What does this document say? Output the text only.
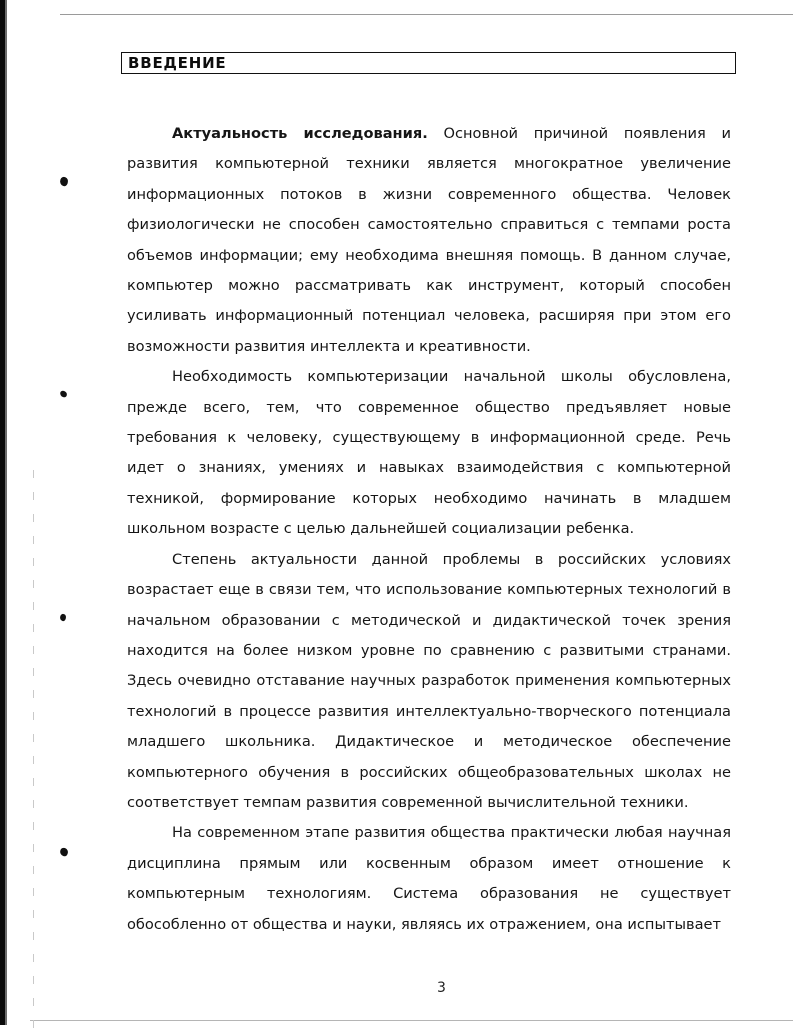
ВВЕДЕНИЕ

Актуальность исследования. Основной причиной появления и развития компьютерной техники является многократное увеличение информационных потоков в жизни современного общества. Человек физиологически не способен самостоятельно справиться с темпами роста объемов информации; ему необходима внешняя помощь. В данном случае, компьютер можно рассматривать как инструмент, который способен усиливать информационный потенциал человека, расширяя при этом его возможности развития интеллекта и креативности.

Необходимость компьютеризации начальной школы обусловлена, прежде всего, тем, что современное общество предъявляет новые требования к человеку, существующему в информационной среде. Речь идет о знаниях, умениях и навыках взаимодействия с компьютерной техникой, формирование которых необходимо начинать в младшем школьном возрасте с целью дальнейшей социализации ребенка.

Степень актуальности данной проблемы в российских условиях возрастает еще в связи тем, что использование компьютерных технологий в начальном образовании с методической и дидактической точек зрения находится на более низком уровне по сравнению с развитыми странами. Здесь очевидно отставание научных разработок применения компьютерных технологий в процессе развития интеллектуально-творческого потенциала младшего школьника. Дидактическое и методическое обеспечение компьютерного обучения в российских общеобразовательных школах не соответствует темпам развития современной вычислительной техники.

На современном этапе развития общества практически любая научная дисциплина прямым или косвенным образом имеет отношение к компьютерным технологиям. Система образования не существует обособленно от общества и науки, являясь их отражением, она испытывает

3
